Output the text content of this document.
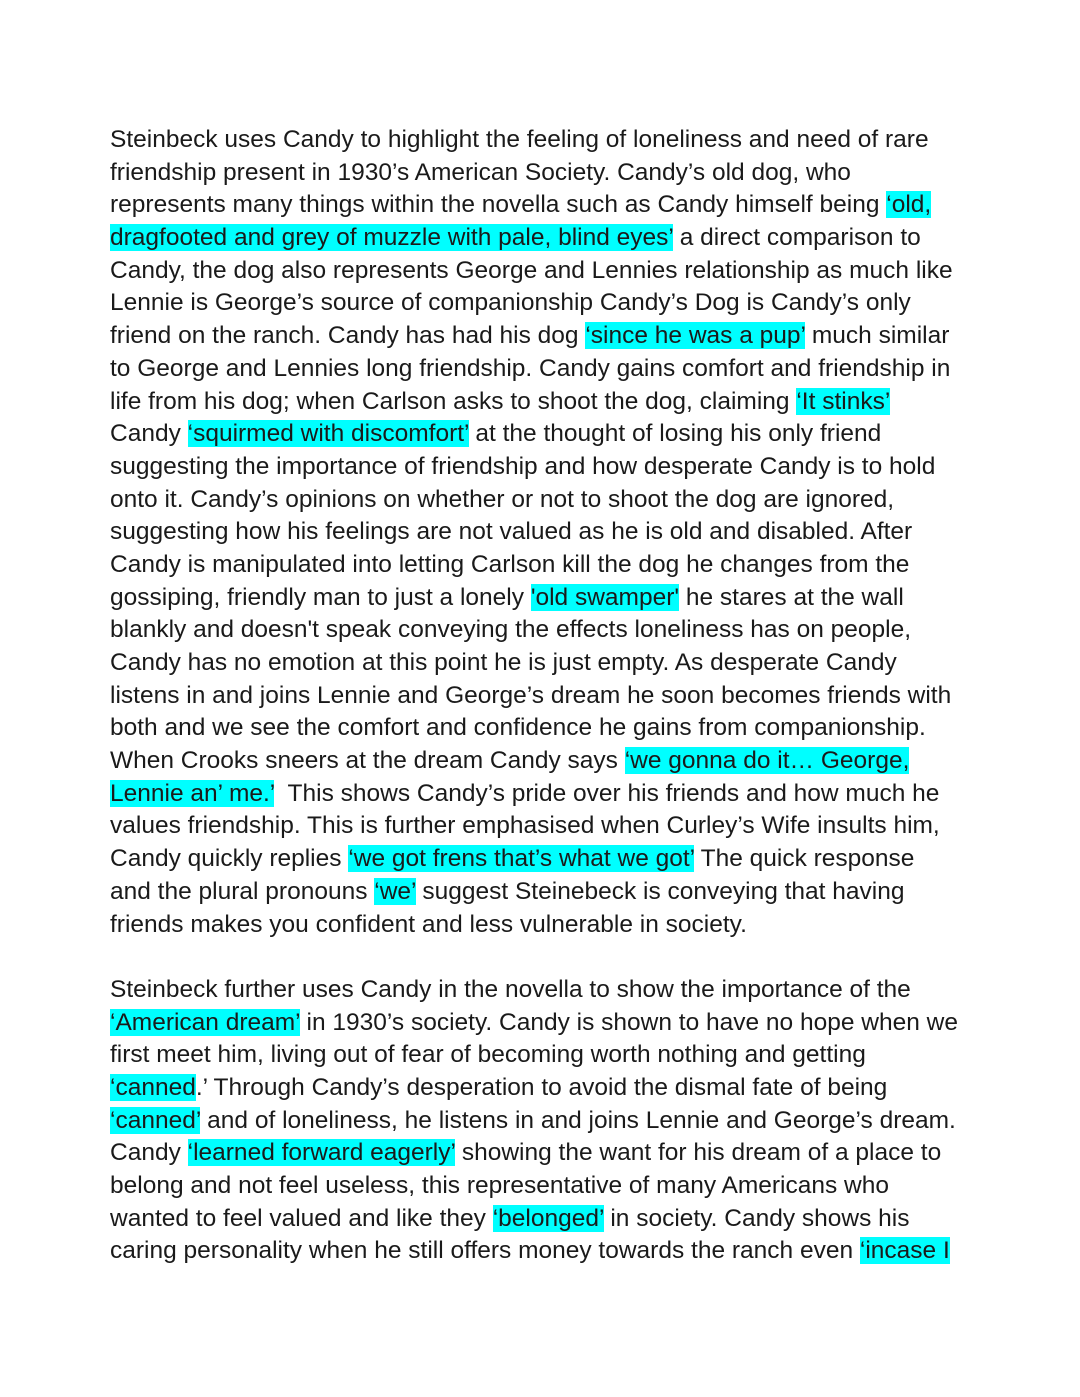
Steinbeck uses Candy to highlight the feeling of loneliness and need of rare
friendship present in 1930’s American Society. Candy’s old dog, who
represents many things within the novella such as Candy himself being ‘old,
dragfooted and grey of muzzle with pale, blind eyes’ a direct comparison to
Candy, the dog also represents George and Lennies relationship as much like
Lennie is George’s source of companionship Candy’s Dog is Candy’s only
friend on the ranch. Candy has had his dog ‘since he was a pup’ much similar
to George and Lennies long friendship. Candy gains comfort and friendship in
life from his dog; when Carlson asks to shoot the dog, claiming ‘It stinks’
Candy ‘squirmed with discomfort’ at the thought of losing his only friend
suggesting the importance of friendship and how desperate Candy is to hold
onto it. Candy’s opinions on whether or not to shoot the dog are ignored,
suggesting how his feelings are not valued as he is old and disabled. After
Candy is manipulated into letting Carlson kill the dog he changes from the
gossiping, friendly man to just a lonely 'old swamper' he stares at the wall
blankly and doesn't speak conveying the effects loneliness has on people,
Candy has no emotion at this point he is just empty. As desperate Candy
listens in and joins Lennie and George’s dream he soon becomes friends with
both and we see the comfort and confidence he gains from companionship.
When Crooks sneers at the dream Candy says ‘we gonna do it… George,
Lennie an’ me.’  This shows Candy’s pride over his friends and how much he
values friendship. This is further emphasised when Curley’s Wife insults him,
Candy quickly replies ‘we got frens that’s what we got’ The quick response
and the plural pronouns ‘we’ suggest Steinebeck is conveying that having
friends makes you confident and less vulnerable in society.
Steinbeck further uses Candy in the novella to show the importance of the
‘American dream’ in 1930’s society. Candy is shown to have no hope when we
first meet him, living out of fear of becoming worth nothing and getting
‘canned.’ Through Candy’s desperation to avoid the dismal fate of being
‘canned’ and of loneliness, he listens in and joins Lennie and George’s dream.
Candy ‘learned forward eagerly’ showing the want for his dream of a place to
belong and not feel useless, this representative of many Americans who
wanted to feel valued and like they ‘belonged’ in society. Candy shows his
caring personality when he still offers money towards the ranch even ‘incase I
